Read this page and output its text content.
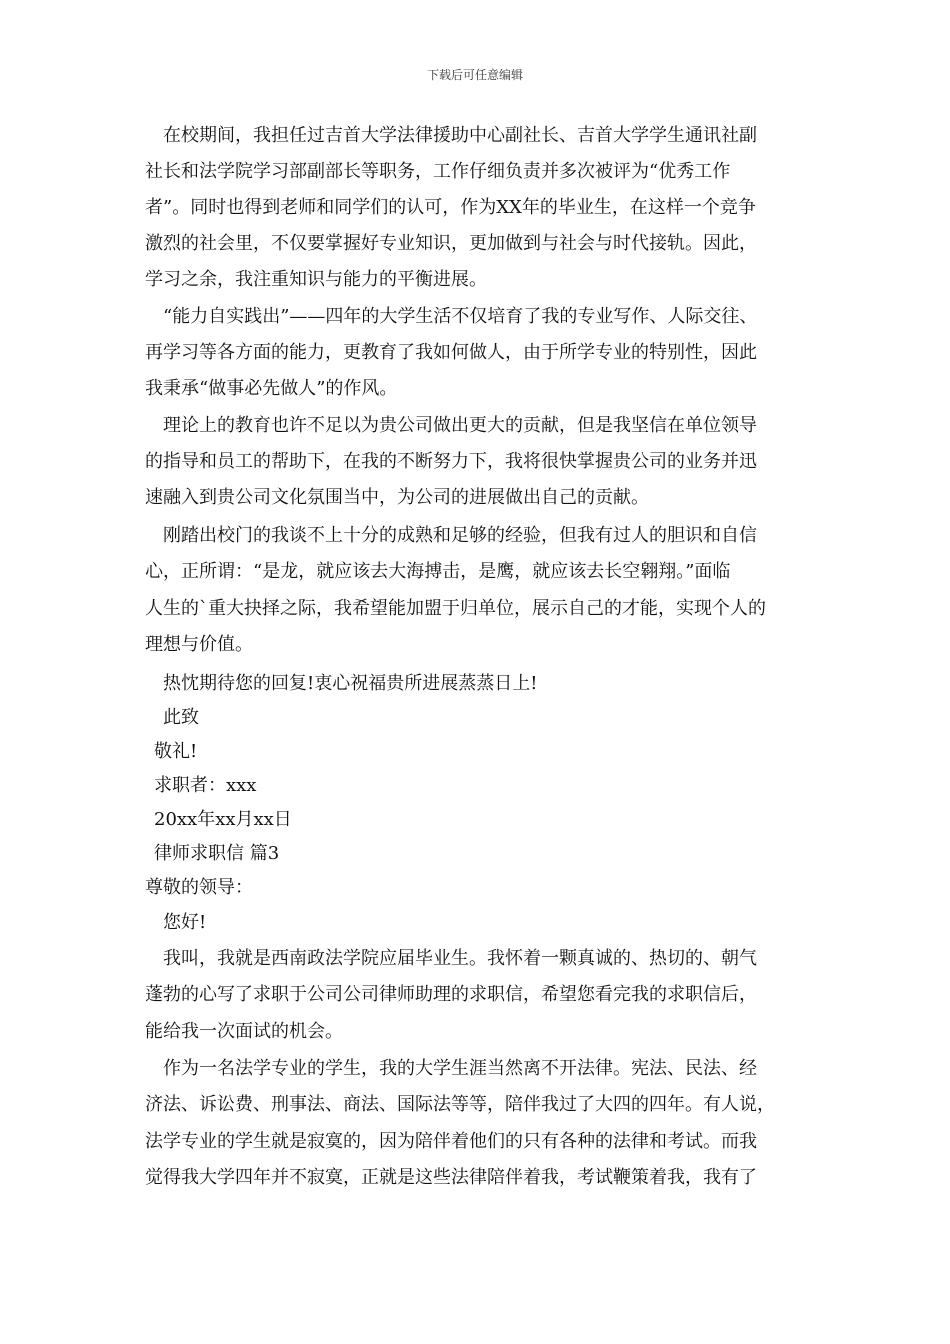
下载后可任意编辑
在校期间，我担任过吉首大学法律援助中心副社长、吉首大学学生通讯社副
社长和法学院学习部副部长等职务，工作仔细负责并多次被评为“优秀工作
者”。同时也得到老师和同学们的认可，作为XX年的毕业生，在这样一个竞争
激烈的社会里，不仅要掌握好专业知识，更加做到与社会与时代接轨。因此，
学习之余，我注重知识与能力的平衡进展。
“能力自实践出”——四年的大学生活不仅培育了我的专业写作、人际交往、
再学习等各方面的能力，更教育了我如何做人，由于所学专业的特别性，因此
我秉承“做事必先做人”的作风。
理论上的教育也许不足以为贵公司做出更大的贡献，但是我坚信在单位领导
的指导和员工的帮助下，在我的不断努力下，我将很快掌握贵公司的业务并迅
速融入到贵公司文化氛围当中，为公司的进展做出自己的贡献。
刚踏出校门的我谈不上十分的成熟和足够的经验，但我有过人的胆识和自信
心，正所谓：“是龙，就应该去大海搏击，是鹰，就应该去长空翱翔。”面临
人生的`重大抉择之际，我希望能加盟于归单位，展示自己的才能，实现个人的
理想与价值。
热忱期待您的回复!衷心祝福贵所进展蒸蒸日上!
此致
敬礼!
求职者：xxx
20xx年xx月xx日
律师求职信 篇3
尊敬的领导：
您好!
我叫，我就是西南政法学院应届毕业生。我怀着一颗真诚的、热切的、朝气
蓬勃的心写了求职于公司公司律师助理的求职信，希望您看完我的求职信后，
能给我一次面试的机会。
作为一名法学专业的学生，我的大学生涯当然离不开法律。宪法、民法、经
济法、诉讼费、刑事法、商法、国际法等等，陪伴我过了大四的四年。有人说，
法学专业的学生就是寂寞的，因为陪伴着他们的只有各种的法律和考试。而我
觉得我大学四年并不寂寞，正就是这些法律陪伴着我，考试鞭策着我，我有了
